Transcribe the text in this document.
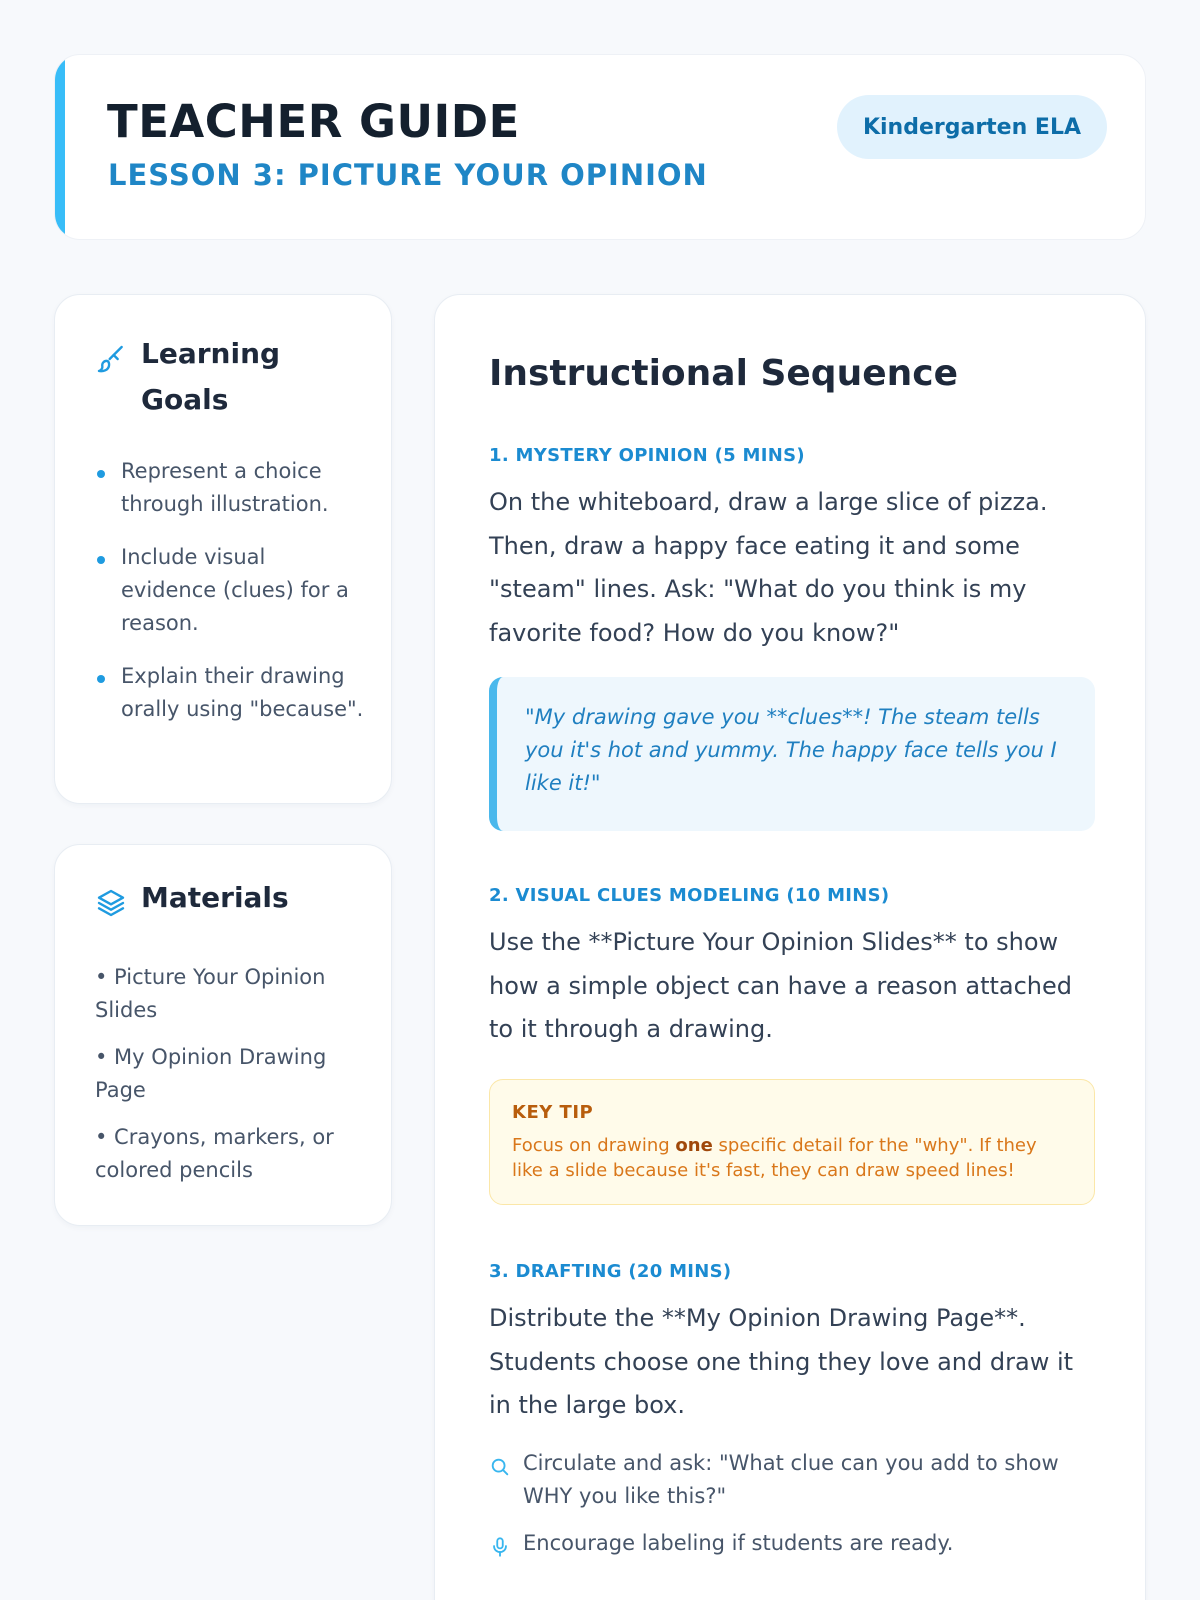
TEACHER GUIDE
LESSON 3: PICTURE YOUR OPINION
Kindergarten ELA
Learning
Goals
Represent a choice through illustration.
Include visual evidence (clues) for a reason.
Explain their drawing orally using "because".
Materials
• Picture Your Opinion Slides
• My Opinion Drawing Page
• Crayons, markers, or colored pencils
Instructional Sequence
1. MYSTERY OPINION (5 MINS)
On the whiteboard, draw a large slice of pizza. Then, draw a happy face eating it and some "steam" lines. Ask: "What do you think is my favorite food? How do you know?"
"My drawing gave you **clues**! The steam tells you it's hot and yummy. The happy face tells you I like it!"
2. VISUAL CLUES MODELING (10 MINS)
Use the **Picture Your Opinion Slides** to show how a simple object can have a reason attached to it through a drawing.
KEY TIP
Focus on drawing one specific detail for the "why". If they like a slide because it's fast, they can draw speed lines!
3. DRAFTING (20 MINS)
Distribute the **My Opinion Drawing Page**. Students choose one thing they love and draw it in the large box.
Circulate and ask: "What clue can you add to show WHY you like this?"
Encourage labeling if students are ready.
